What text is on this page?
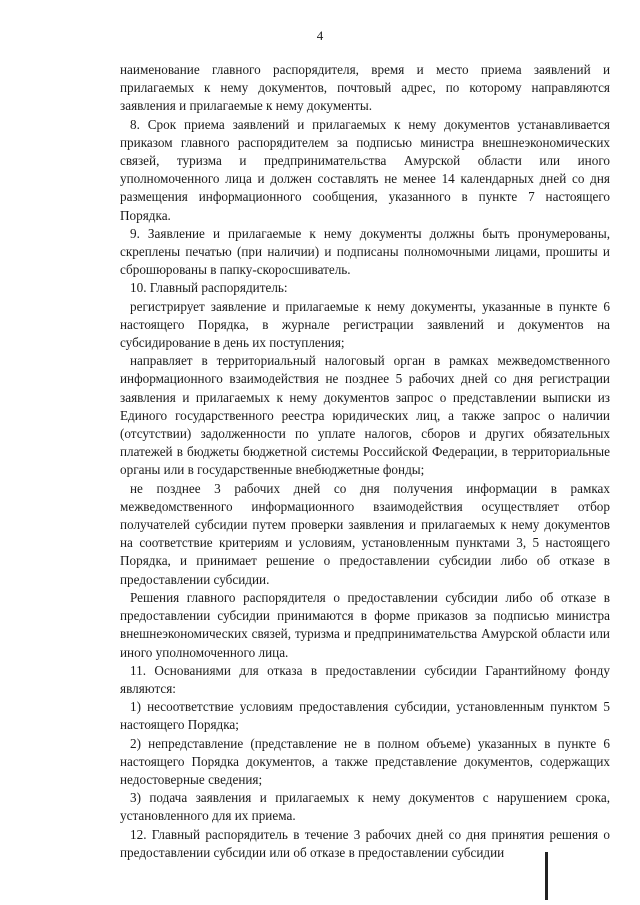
4

наименование главного распорядителя, время и место приема заявлений и прилагаемых к нему документов, почтовый адрес, по которому направляются заявления и прилагаемые к нему документы.

8. Срок приема заявлений и прилагаемых к нему документов устанавливается приказом главного распорядителем за подписью министра внешнеэкономических связей, туризма и предпринимательства Амурской области или иного уполномоченного лица и должен составлять не менее 14 календарных дней со дня размещения информационного сообщения, указанного в пункте 7 настоящего Порядка.

9. Заявление и прилагаемые к нему документы должны быть пронумерованы, скреплены печатью (при наличии) и подписаны полномочными лицами, прошиты и сброшюрованы в папку-скоросшиватель.

10. Главный распорядитель:

регистрирует заявление и прилагаемые к нему документы, указанные в пункте 6 настоящего Порядка, в журнале регистрации заявлений и документов на субсидирование в день их поступления;

направляет в территориальный налоговый орган в рамках межведомственного информационного взаимодействия не позднее 5 рабочих дней со дня регистрации заявления и прилагаемых к нему документов запрос о представлении выписки из Единого государственного реестра юридических лиц, а также запрос о наличии (отсутствии) задолженности по уплате налогов, сборов и других обязательных платежей в бюджеты бюджетной системы Российской Федерации, в территориальные органы или в государственные внебюджетные фонды;

не позднее 3 рабочих дней со дня получения информации в рамках межведомственного информационного взаимодействия осуществляет отбор получателей субсидии путем проверки заявления и прилагаемых к нему документов на соответствие критериям и условиям, установленным пунктами 3, 5 настоящего Порядка, и принимает решение о предоставлении субсидии либо об отказе в предоставлении субсидии.

Решения главного распорядителя о предоставлении субсидии либо об отказе в предоставлении субсидии принимаются в форме приказов за подписью министра внешнеэкономических связей, туризма и предпринимательства Амурской области или иного уполномоченного лица.

11. Основаниями для отказа в предоставлении субсидии Гарантийному фонду являются:

1) несоответствие условиям предоставления субсидии, установленным пунктом 5 настоящего Порядка;

2) непредставление (представление не в полном объеме) указанных в пункте 6 настоящего Порядка документов, а также представление документов, содержащих недостоверные сведения;

3) подача заявления и прилагаемых к нему документов с нарушением срока, установленного для их приема.

12. Главный распорядитель в течение 3 рабочих дней со дня принятия решения о предоставлении субсидии или об отказе в предоставлении субсидии
